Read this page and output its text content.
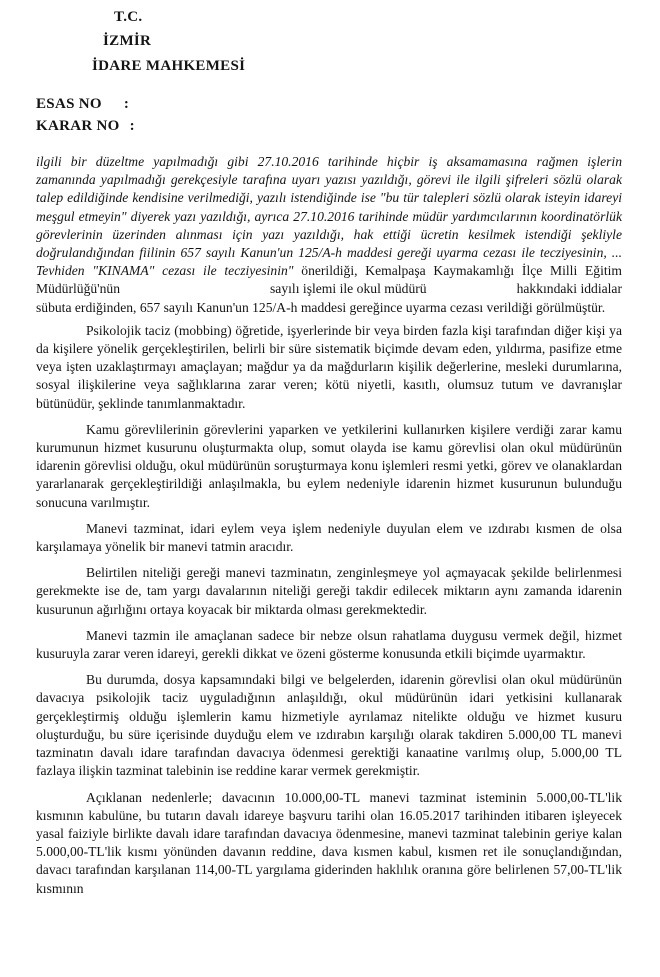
T.C.
İZMİR
İDARE MAHKEMESİ
ESAS NO :
KARAR NO :

ilgili bir düzeltme yapılmadığı gibi 27.10.2016 tarihinde hiçbir iş aksamamasına rağmen işlerin zamanında yapılmadığı gerekçesiyle tarafına uyarı yazısı yazıldığı, görevi ile ilgili şifreleri sözlü olarak talep edildiğinde kendisine verilmediği, yazılı istendiğinde ise "bu tür talepleri sözlü olarak isteyin idareyi meşgul etmeyin" diyerek yazı yazıldığı, ayrıca 27.10.2016 tarihinde müdür yardımcılarının koordinatörlük görevlerinin üzerinden alınması için yazı yazıldığı, hak ettiği ücretin kesilmek istendiği şekliyle doğrulandığından fiilinin 657 sayılı Kanun'un 125/A-h maddesi gereği uyarma cezası ile tecziyesinin, ... Tevhiden "KINAMA" cezası ile tecziyesinin" önerildiği, Kemalpaşa Kaymakamlığı İlçe Milli Eğitim Müdürlüğü'nün	sayılı işlemi ile okul müdürü	hakkındaki iddialar sübuta erdiğinden, 657 sayılı Kanun'un 125/A-h maddesi gereğince uyarma cezası verildiği görülmüştür.

Psikolojik taciz (mobbing) öğretide, işyerlerinde bir veya birden fazla kişi tarafından diğer kişi ya da kişilere yönelik gerçekleştirilen, belirli bir süre sistematik biçimde devam eden, yıldırma, pasifize etme veya işten uzaklaştırmayı amaçlayan; mağdur ya da mağdurların kişilik değerlerine, mesleki durumlarına, sosyal ilişkilerine veya sağlıklarına zarar veren; kötü niyetli, kasıtlı, olumsuz tutum ve davranışlar bütünüdür, şeklinde tanımlanmaktadır.

Kamu görevlilerinin görevlerini yaparken ve yetkilerini kullanırken kişilere verdiği zarar kamu kurumunun hizmet kusurunu oluşturmakta olup, somut olayda ise kamu görevlisi olan okul müdürünün idarenin görevlisi olduğu, okul müdürünün soruşturmaya konu işlemleri resmi yetki, görev ve olanaklardan yararlanarak gerçekleştirildiği anlaşılmakla, bu eylem nedeniyle idarenin hizmet kusurunun bulunduğu sonucuna varılmıştır.

Manevi tazminat, idari eylem veya işlem nedeniyle duyulan elem ve ızdırabı kısmen de olsa karşılamaya yönelik bir manevi tatmin aracıdır.

Belirtilen niteliği gereği manevi tazminatın, zenginleşmeye yol açmayacak şekilde belirlenmesi gerekmekte ise de, tam yargı davalarının niteliği gereği takdir edilecek miktarın aynı zamanda idarenin kusurunun ağırlığını ortaya koyacak bir miktarda olması gerekmektedir.

Manevi tazmin ile amaçlanan sadece bir nebze olsun rahatlama duygusu vermek değil, hizmet kusuruyla zarar veren idareyi, gerekli dikkat ve özeni gösterme konusunda etkili biçimde uyarmaktır.

Bu durumda, dosya kapsamındaki bilgi ve belgelerden, idarenin görevlisi olan okul müdürünün davacıya psikolojik taciz uyguladığının anlaşıldığı, okul müdürünün idari yetkisini kullanarak gerçekleştirmiş olduğu işlemlerin kamu hizmetiyle ayrılamaz nitelikte olduğu ve hizmet kusuru oluşturduğu, bu süre içerisinde duyduğu elem ve ızdırabın karşılığı olarak takdiren 5.000,00 TL manevi tazminatın davalı idare tarafından davacıya ödenmesi gerektiği kanaatine varılmış olup, 5.000,00 TL fazlaya ilişkin tazminat talebinin ise reddine karar vermek gerekmiştir.

Açıklanan nedenlerle; davacının 10.000,00-TL manevi tazminat isteminin 5.000,00-TL'lik kısmının kabulüne, bu tutarın davalı idareye başvuru tarihi olan 16.05.2017 tarihinden itibaren işleyecek yasal faiziyle birlikte davalı idare tarafından davacıya ödenmesine, manevi tazminat talebinin geriye kalan 5.000,00-TL'lik kısmı yönünden davanın reddine, dava kısmen kabul, kısmen ret ile sonuçlandığından, davacı tarafından karşılanan 114,00-TL yargılama giderinden haklılık oranına göre belirlenen 57,00-TL'lik kısmının
